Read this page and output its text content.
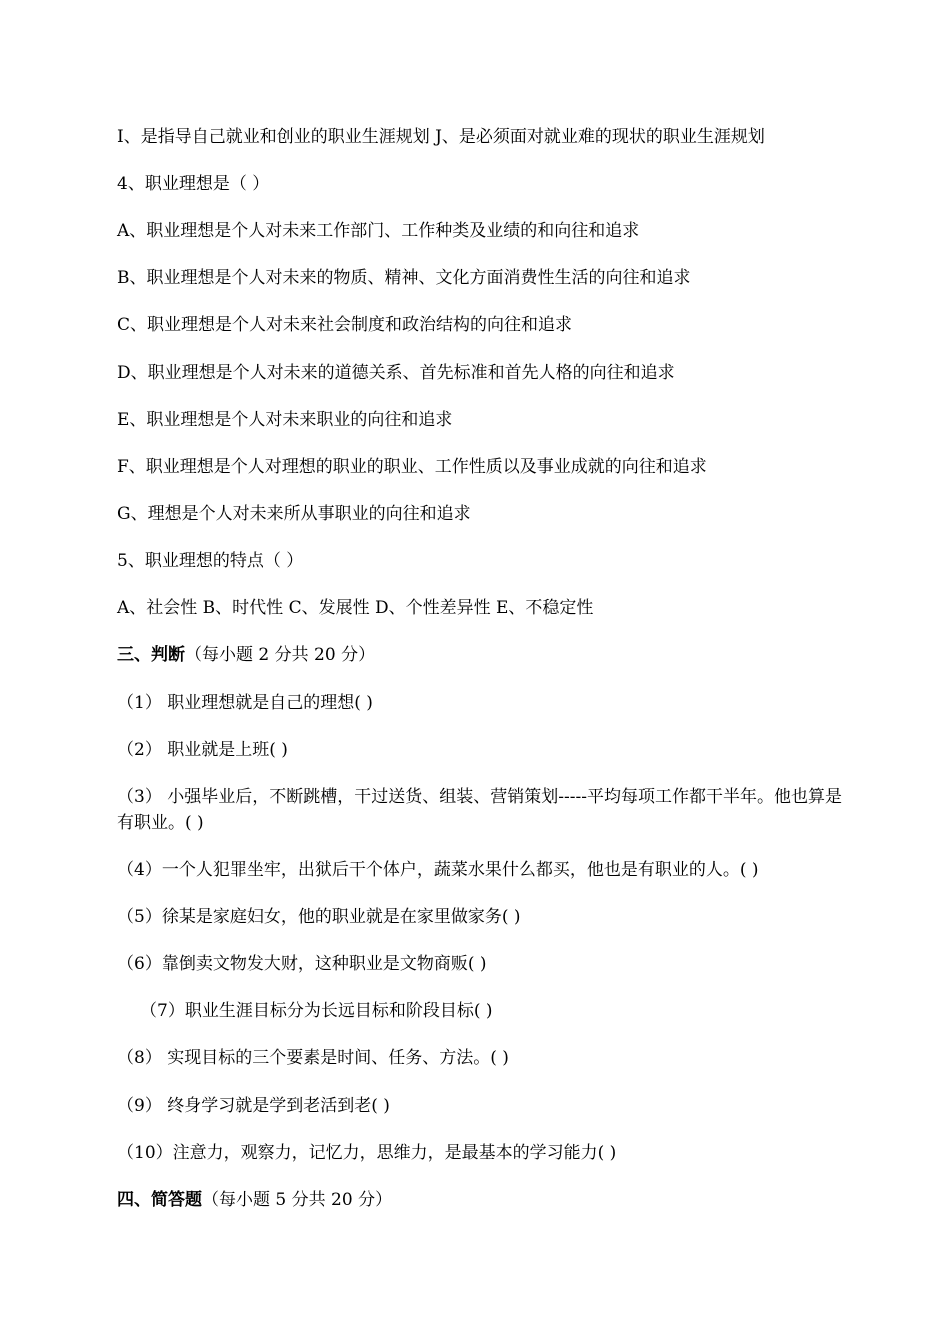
I、是指导自己就业和创业的职业生涯规划 J、是必须面对就业难的现状的职业生涯规划
4、职业理想是（ ）
A、职业理想是个人对未来工作部门、工作种类及业绩的和向往和追求
B、职业理想是个人对未来的物质、精神、文化方面消费性生活的向往和追求
C、职业理想是个人对未来社会制度和政治结构的向往和追求
D、职业理想是个人对未来的道德关系、首先标准和首先人格的向往和追求
E、职业理想是个人对未来职业的向往和追求
F、职业理想是个人对理想的职业的职业、工作性质以及事业成就的向往和追求
G、理想是个人对未来所从事职业的向往和追求
5、职业理想的特点（ ）
A、社会性 B、时代性 C、发展性 D、个性差异性 E、不稳定性
三、判断（每小题 2 分共 20 分）
（1） 职业理想就是自己的理想( )
（2） 职业就是上班( )
（3） 小强毕业后，不断跳槽，干过送货、组装、营销策划-----平均每项工作都干半年。他也算是有职业。( )
（4）一个人犯罪坐牢，出狱后干个体户，蔬菜水果什么都买，他也是有职业的人。( )
（5）徐某是家庭妇女，他的职业就是在家里做家务( )
（6）靠倒卖文物发大财，这种职业是文物商贩( )
（7）职业生涯目标分为长远目标和阶段目标( )
（8） 实现目标的三个要素是时间、任务、方法。( )
（9） 终身学习就是学到老活到老( )
（10）注意力，观察力，记忆力，思维力，是最基本的学习能力( )
四、简答题（每小题 5 分共 20 分）
